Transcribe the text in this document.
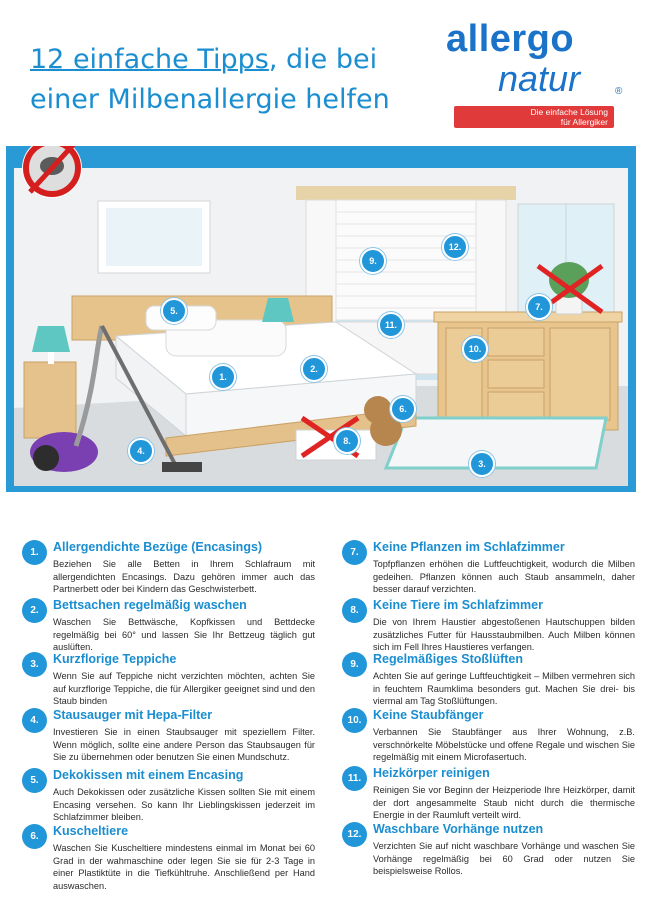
12 einfache Tipps, die bei
einer Milbenallergie helfen
allergo
natur	®
Die einfache Lösung
für Allergiker
1.
2.
3.
4.
5.
6.
7.
8.
9.
10.
11.
12.
1.	Allergendichte Bezüge (Encasings)
Beziehen Sie alle Betten in Ihrem Schlafraum mit allergendichten Encasings. Dazu gehören immer auch das Partnerbett oder bei Kindern das Geschwisterbett.
2.	Bettsachen regelmäßig waschen
Waschen Sie Bettwäsche, Kopfkissen und Bettdecke regelmäßig bei 60° und lassen Sie Ihr Bettzeug täglich gut auslüften.
3.	Kurzflorige Teppiche
Wenn Sie auf Teppiche nicht verzichten möchten, achten Sie auf kurzflorige Teppiche, die für Allergiker geeignet sind und den Staub binden
4.	Stausauger mit Hepa-Filter
Investieren Sie in einen Staubsauger mit speziellem Filter. Wenn möglich, sollte eine andere Person das Staubsaugen für Sie zu übernehmen oder benutzen Sie einen Mundschutz.
5.	Dekokissen mit einem Encasing
Auch Dekokissen oder zusätzliche Kissen sollten Sie mit einem Encasing versehen. So kann Ihr Lieblingskissen jederzeit im Schlafzimmer bleiben.
6.	Kuscheltiere
Waschen Sie Kuscheltiere mindestens einmal im Monat bei 60 Grad in der wahmaschine oder legen Sie sie für 2-3 Tage in einer Plastiktüte in die Tiefkühltruhe. Anschließend per Hand auswaschen.
7.	Keine Pflanzen im Schlafzimmer
Topfpflanzen erhöhen die Luftfeuchtigkeit, wodurch die Milben gedeihen. Pflanzen können auch Staub ansammeln, daher besser darauf verzichten.
8.	Keine Tiere im Schlafzimmer
Die von Ihrem Haustier abgestoßenen Hautschuppen bilden zusätzliches Futter für Hausstaubmilben. Auch Milben können sich im Fell Ihres Haustieres verfangen.
9.	Regelmäßiges Stoßlüften
Achten Sie auf geringe Luftfeuchtigkeit – Milben vermehren sich in feuchtem Raumklima besonders gut. Machen Sie drei- bis viermal am Tag Stoßlüftungen.
10. Keine Staubfänger
Verbannen Sie Staubfänger aus Ihrer Wohnung, z.B. verschnörkelte Möbelstücke und offene Regale und wischen Sie regelmäßig mit einem Microfasertuch.
11. Heizkörper reinigen
Reinigen Sie vor Beginn der Heizperiode Ihre Heizkörper, damit der dort angesammelte Staub nicht durch die thermische Energie in der Raumluft verteilt wird.
12. Waschbare Vorhänge nutzen
Verzichten Sie auf nicht waschbare Vorhänge und waschen Sie Vorhänge regelmäßig bei 60 Grad oder nutzen Sie beispielsweise Rollos.
